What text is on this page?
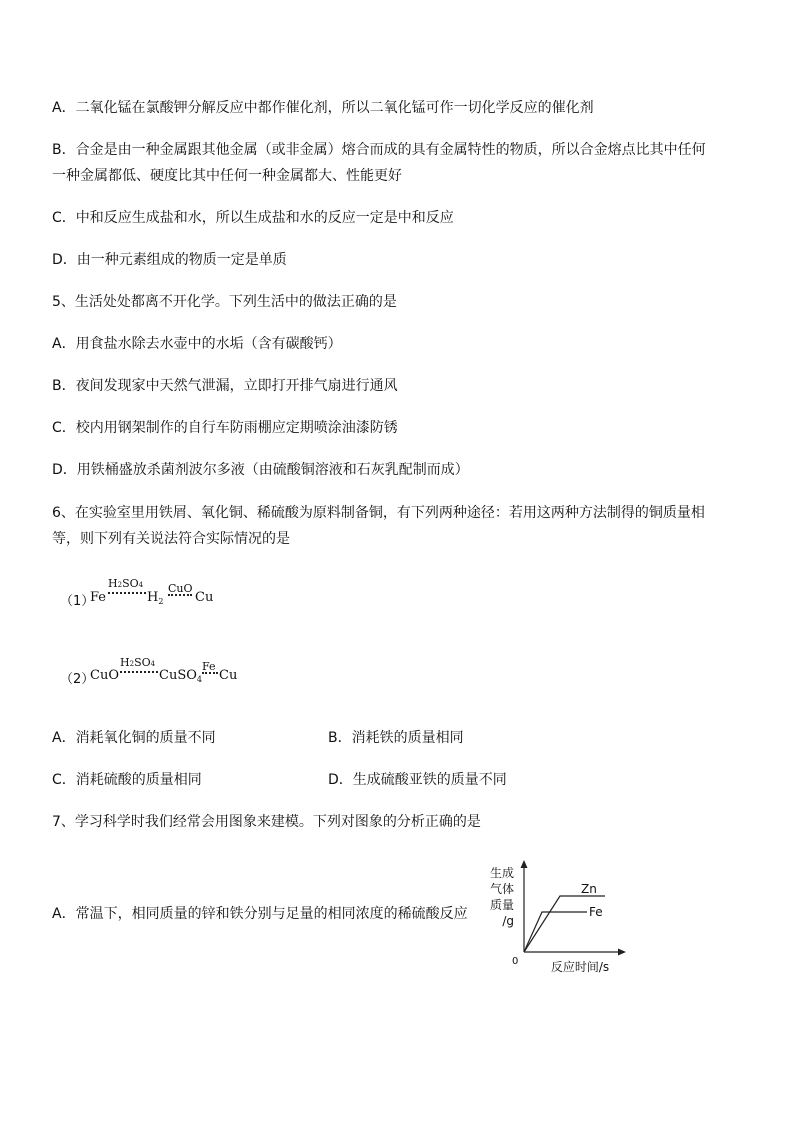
A．二氧化锰在氯酸钾分解反应中都作催化剂，所以二氧化锰可作一切化学反应的催化剂
B．合金是由一种金属跟其他金属（或非金属）熔合而成的具有金属特性的物质，所以合金熔点比其中任何
一种金属都低、硬度比其中任何一种金属都大、性能更好
C．中和反应生成盐和水，所以生成盐和水的反应一定是中和反应
D．由一种元素组成的物质一定是单质
5、生活处处都离不开化学。下列生活中的做法正确的是
A．用食盐水除去水壶中的水垢（含有碳酸钙）
B．夜间发现家中天然气泄漏，立即打开排气扇进行通风
C．校内用钢架制作的自行车防雨棚应定期喷涂油漆防锈
D．用铁桶盛放杀菌剂波尔多液（由硫酸铜溶液和石灰乳配制而成）
6、在实验室里用铁屑、氧化铜、稀硫酸为原料制备铜，有下列两种途径：若用这两种方法制得的铜质量相
等，则下列有关说法符合实际情况的是
（1）
Fe
H2SO4
$H_2$
CuO
Cu
（2）
CuO
H2SO4
CuSO$_4$
Fe
Cu
A．消耗氧化铜的质量不同	B．消耗铁的质量相同
C．消耗硫酸的质量相同	D．生成硫酸亚铁的质量不同
7、学习科学时我们经常会用图象来建模。下列对图象的分析正确的是
A．常温下，相同质量的锌和铁分别与足量的相同浓度的稀硫酸反应
Zn
Fe
生成
气体
质量
/g
0	反应时间/s
